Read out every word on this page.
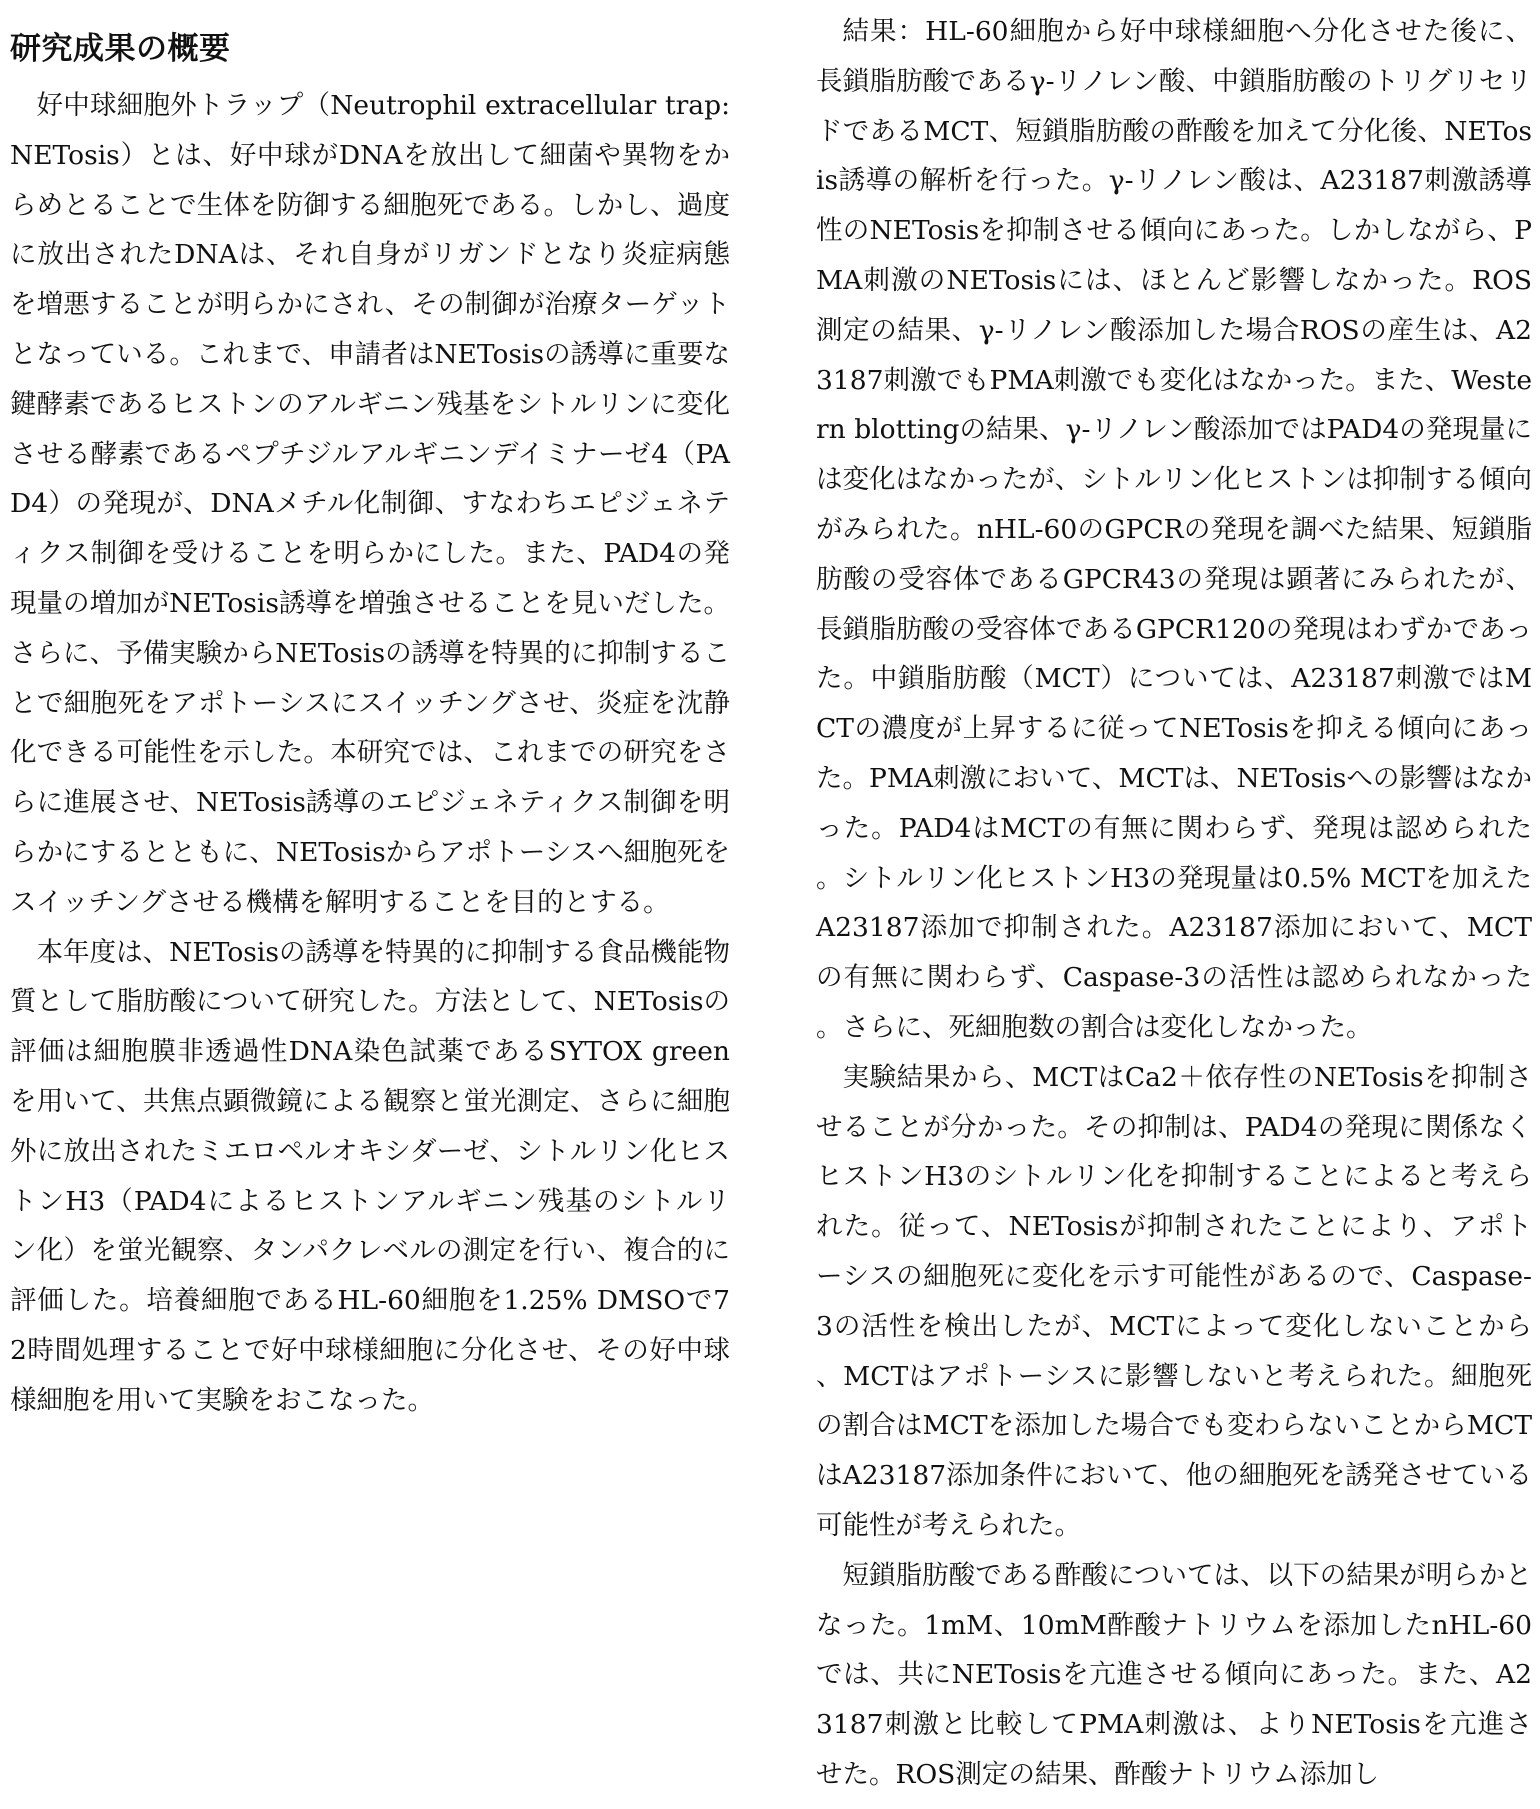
研究成果の概要

好中球細胞外トラップ（Neutrophil extracellular trap: NETosis）とは、好中球がDNAを放出して細菌や異物をからめとることで生体を防御する細胞死である。しかし、過度に放出されたDNAは、それ自身がリガンドとなり炎症病態を増悪することが明らかにされ、その制御が治療ターゲットとなっている。これまで、申請者はNETosisの誘導に重要な鍵酵素であるヒストンのアルギニン残基をシトルリンに変化させる酵素であるペプチジルアルギニンデイミナーゼ4（PAD4）の発現が、DNAメチル化制御、すなわちエピジェネティクス制御を受けることを明らかにした。また、PAD4の発現量の増加がNETosis誘導を増強させることを見いだした。さらに、予備実験からNETosisの誘導を特異的に抑制することで細胞死をアポトーシスにスイッチングさせ、炎症を沈静化できる可能性を示した。本研究では、これまでの研究をさらに進展させ、NETosis誘導のエピジェネティクス制御を明らかにするとともに、NETosisからアポトーシスへ細胞死をスイッチングさせる機構を解明することを目的とする。

本年度は、NETosisの誘導を特異的に抑制する食品機能物質として脂肪酸について研究した。方法として、NETosisの評価は細胞膜非透過性DNA染色試薬であるSYTOX greenを用いて、共焦点顕微鏡による観察と蛍光測定、さらに細胞外に放出されたミエロペルオキシダーゼ、シトルリン化ヒストンH3（PAD4によるヒストンアルギニン残基のシトルリン化）を蛍光観察、タンパクレベルの測定を行い、複合的に評価した。培養細胞であるHL-60細胞を1.25% DMSOで72時間処理することで好中球様細胞に分化させ、その好中球様細胞を用いて実験をおこなった。

結果：HL-60細胞から好中球様細胞へ分化させた後に、長鎖脂肪酸であるγ-リノレン酸、中鎖脂肪酸のトリグリセリドであるMCT、短鎖脂肪酸の酢酸を加えて分化後、NETosis誘導の解析を行った。γ-リノレン酸は、A23187刺激誘導性のNETosisを抑制させる傾向にあった。しかしながら、PMA刺激のNETosisには、ほとんど影響しなかった。ROS測定の結果、γ-リノレン酸添加した場合ROSの産生は、A23187刺激でもPMA刺激でも変化はなかった。また、Western blottingの結果、γ-リノレン酸添加ではPAD4の発現量には変化はなかったが、シトルリン化ヒストンは抑制する傾向がみられた。nHL-60のGPCRの発現を調べた結果、短鎖脂肪酸の受容体であるGPCR43の発現は顕著にみられたが、長鎖脂肪酸の受容体であるGPCR120の発現はわずかであった。中鎖脂肪酸（MCT）については、A23187刺激ではMCTの濃度が上昇するに従ってNETosisを抑える傾向にあった。PMA刺激において、MCTは、NETosisへの影響はなかった。PAD4はMCTの有無に関わらず、発現は認められた。シトルリン化ヒストンH3の発現量は0.5% MCTを加えたA23187添加で抑制された。A23187添加において、MCTの有無に関わらず、Caspase-3の活性は認められなかった。さらに、死細胞数の割合は変化しなかった。

実験結果から、MCTはCa2＋依存性のNETosisを抑制させることが分かった。その抑制は、PAD4の発現に関係なくヒストンH3のシトルリン化を抑制することによると考えられた。従って、NETosisが抑制されたことにより、アポトーシスの細胞死に変化を示す可能性があるので、Caspase-3の活性を検出したが、MCTによって変化しないことから、MCTはアポトーシスに影響しないと考えられた。細胞死の割合はMCTを添加した場合でも変わらないことからMCTはA23187添加条件において、他の細胞死を誘発させている可能性が考えられた。

短鎖脂肪酸である酢酸については、以下の結果が明らかとなった。1mM、10mM酢酸ナトリウムを添加したnHL-60では、共にNETosisを亢進させる傾向にあった。また、A23187刺激と比較してPMA刺激は、よりNETosisを亢進させた。ROS測定の結果、酢酸ナトリウム添加し
